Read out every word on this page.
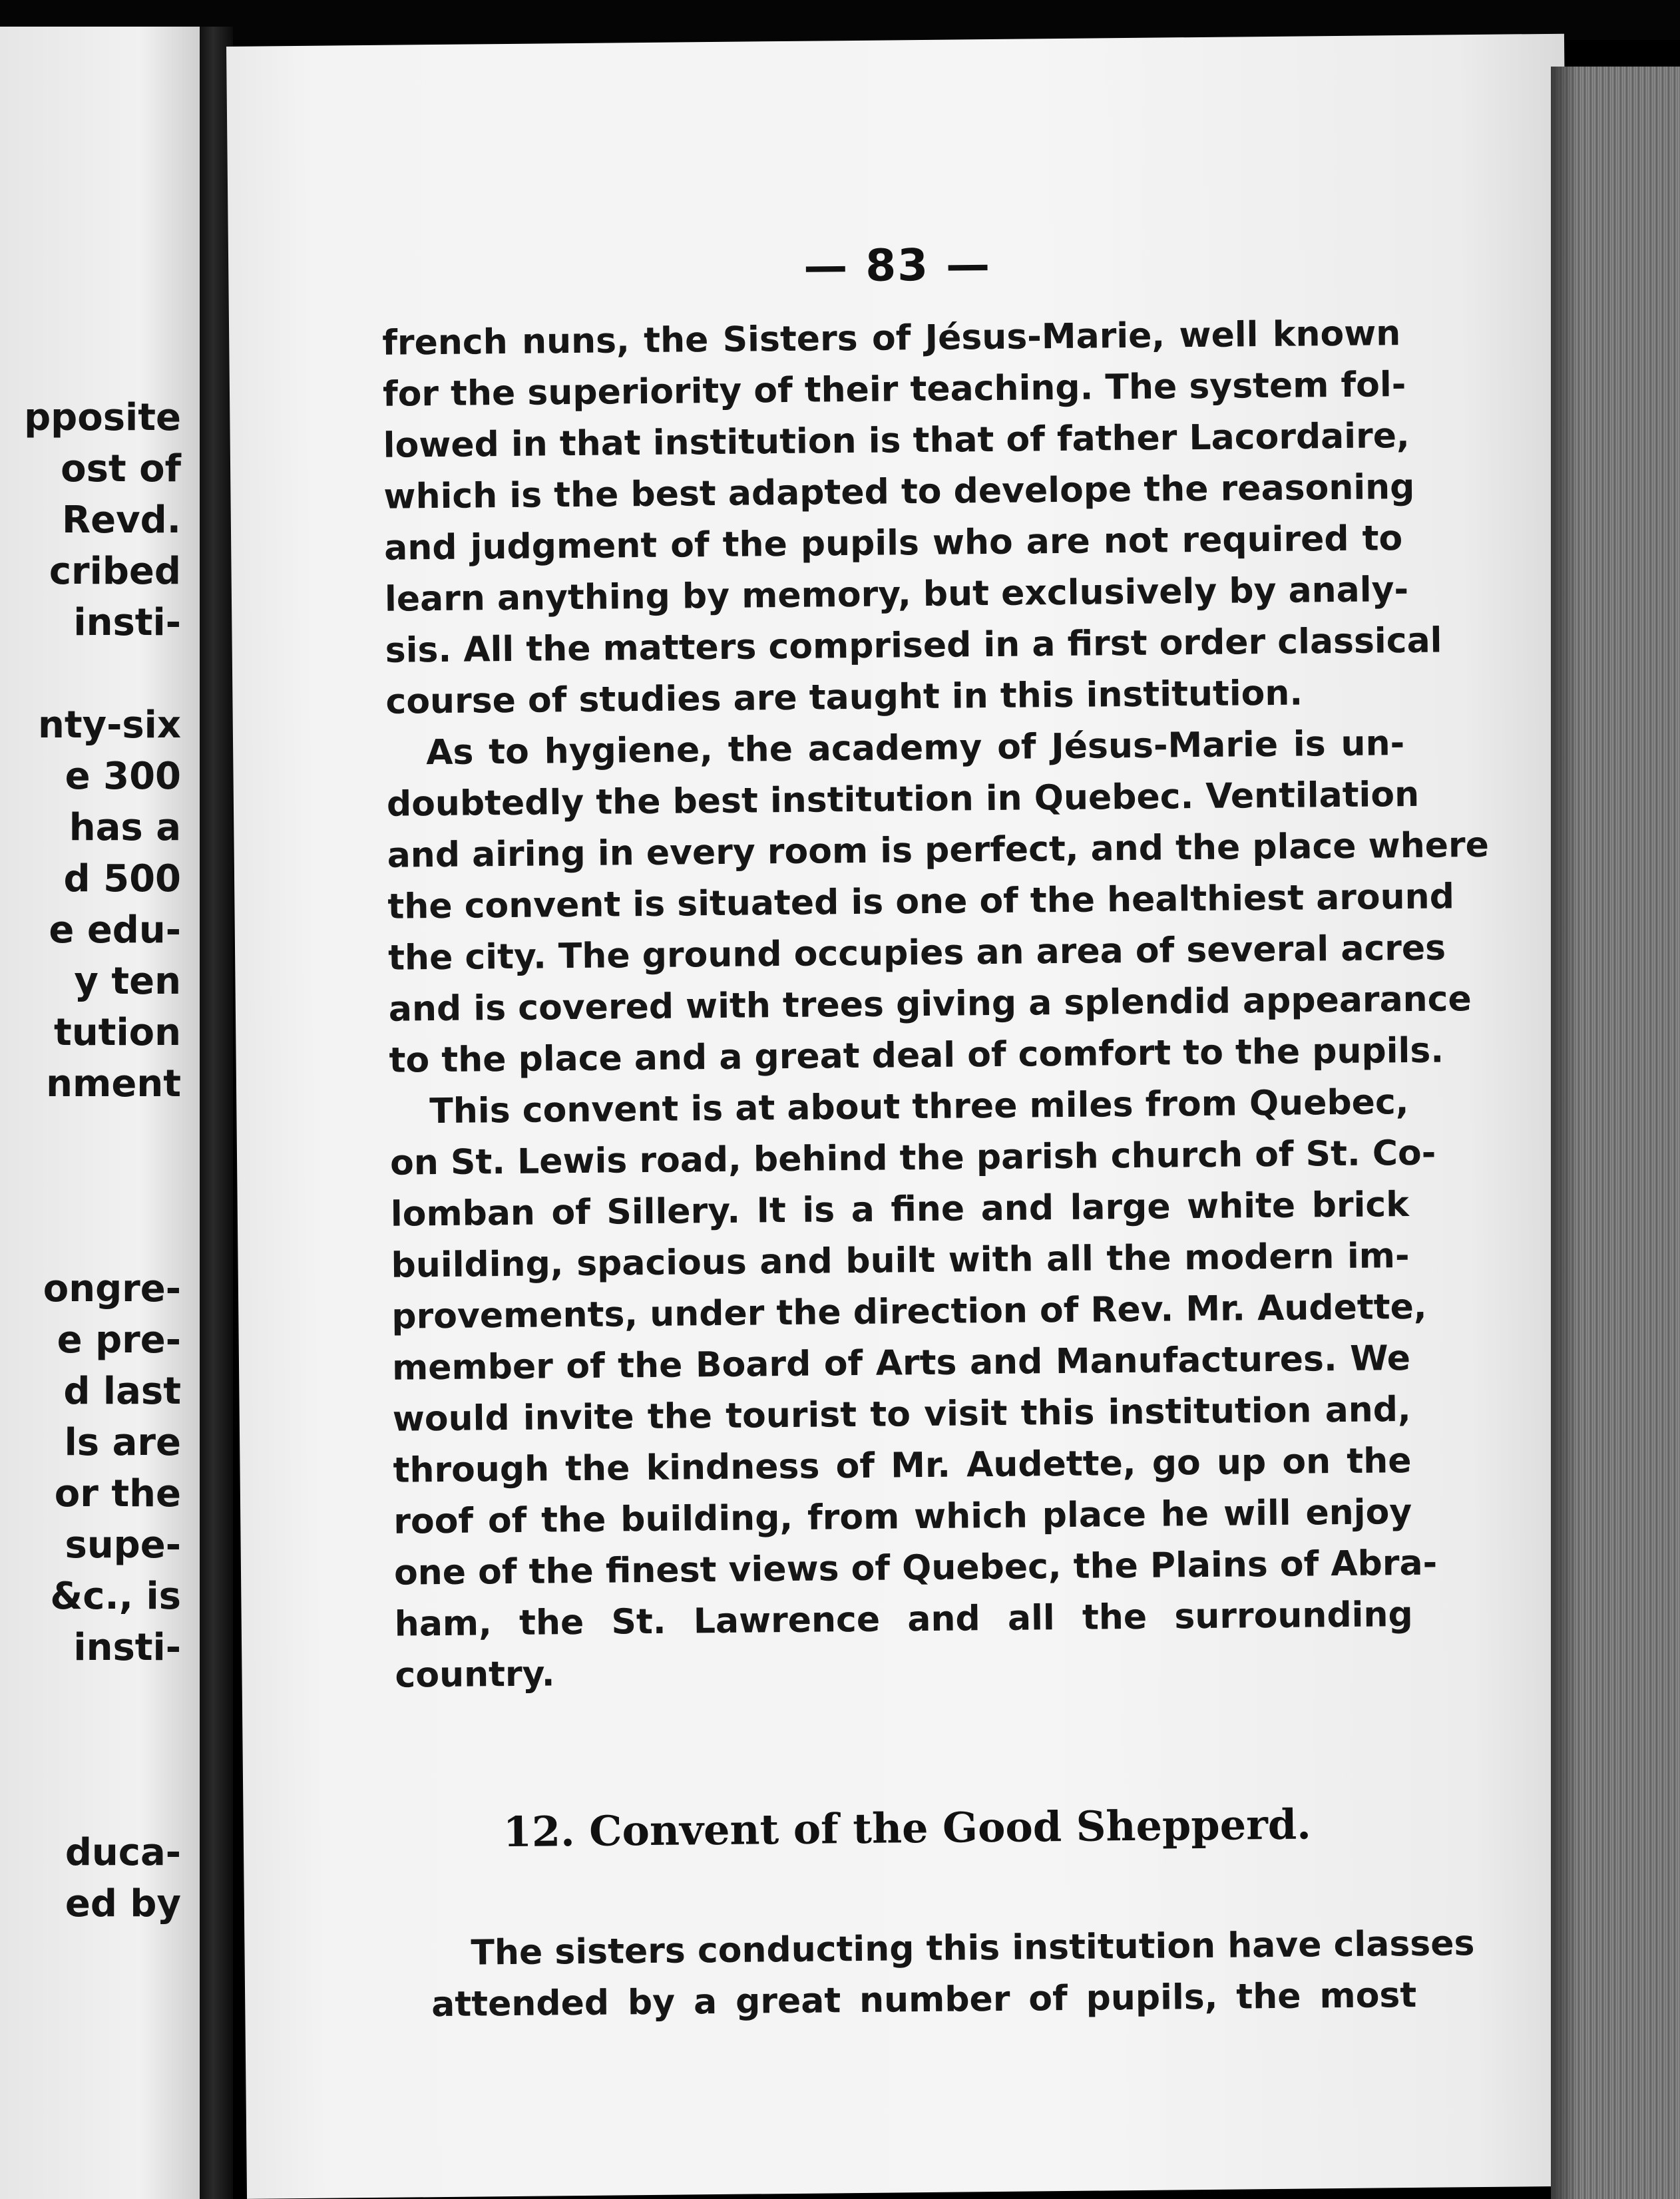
pposite
ost of
Revd.
cribed
insti-
nty-six
e 300
has a
d 500
e edu-
y ten
tution
nment
ongre-
e pre-
d last
ls are
or the
supe-
&c., is
insti-
duca-
ed by
— 83 —
french nuns, the Sisters of Jésus-Marie, well known
for the superiority of their teaching. The system fol-
lowed in that institution is that of father Lacordaire,
which is the best adapted to develope the reasoning
and judgment of the pupils who are not required to
learn anything by memory, but exclusively by analy-
sis. All the matters comprised in a first order classical
course of studies are taught in this institution.
As to hygiene, the academy of Jésus-Marie is un-
doubtedly the best institution in Quebec. Ventilation
and airing in every room is perfect, and the place where
the convent is situated is one of the healthiest around
the city. The ground occupies an area of several acres
and is covered with trees giving a splendid appearance
to the place and a great deal of comfort to the pupils.
This convent is at about three miles from Quebec,
on St. Lewis road, behind the parish church of St. Co-
lomban of Sillery. It is a fine and large white brick
building, spacious and built with all the modern im-
provements, under the direction of Rev. Mr. Audette,
member of the Board of Arts and Manufactures. We
would invite the tourist to visit this institution and,
through the kindness of Mr. Audette, go up on the
roof of the building, from which place he will enjoy
one of the finest views of Quebec, the Plains of Abra-
ham, the St. Lawrence and all the surrounding
country.
12. Convent of the Good Shepperd.
The sisters conducting this institution have classes
attended by a great number of pupils, the most
